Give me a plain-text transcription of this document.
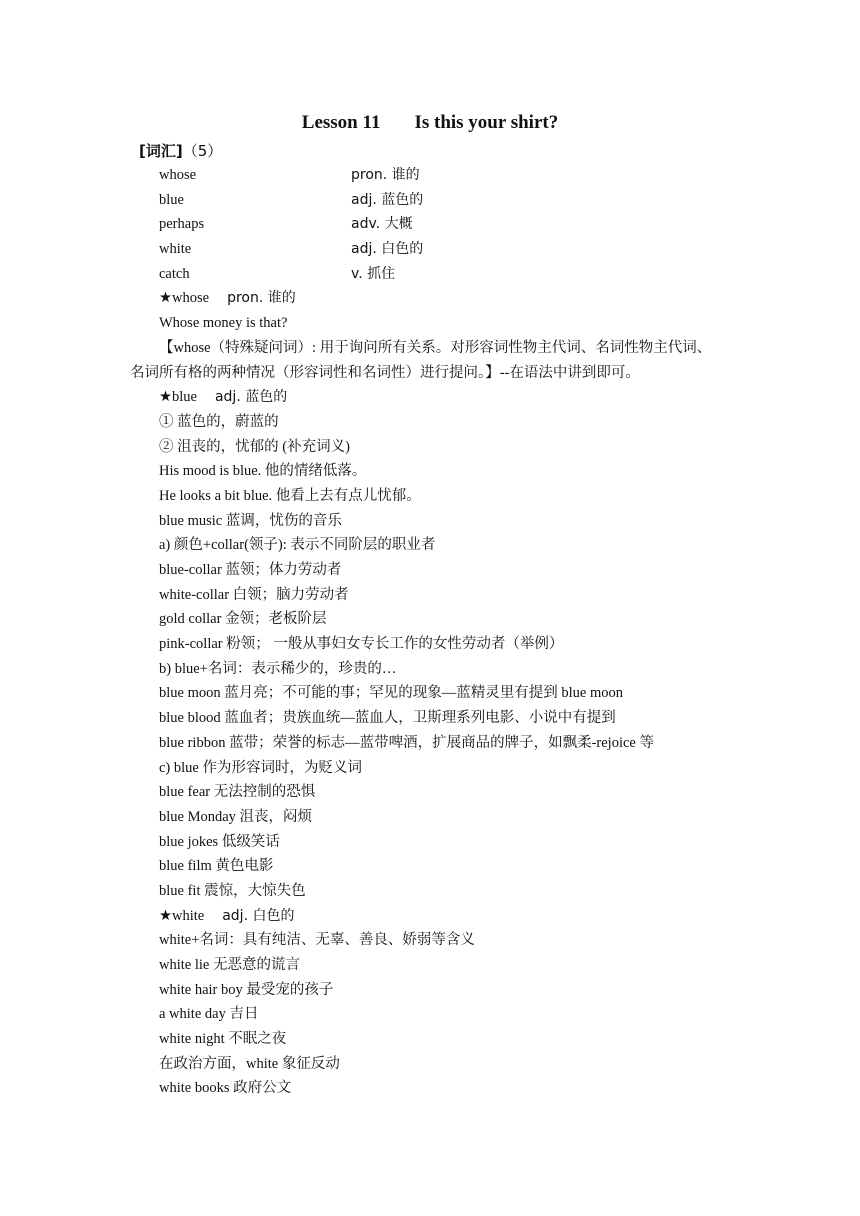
Lesson 11 Is this your shirt?
[词汇]（5）
whose	pron. 谁的
blue	adj. 蓝色的
perhaps	adv. 大概
white	adj. 白色的
catch	v. 抓住
★whose pron. 谁的
Whose money is that?
【whose（特殊疑问词）: 用于询问所有关系。对形容词性物主代词、名词性物主代词、
名词所有格的两种情况（形容词性和名词性）进行提问。】--在语法中讲到即可。
★blue adj. 蓝色的
① 蓝色的，蔚蓝的
② 沮丧的，忧郁的 (补充词义)
His mood is blue. 他的情绪低落。
He looks a bit blue. 他看上去有点儿忧郁。
blue music 蓝调，忧伤的音乐
a) 颜色+collar(领子): 表示不同阶层的职业者
blue-collar 蓝领；体力劳动者
white-collar 白领；脑力劳动者
gold collar 金领；老板阶层
pink-collar 粉领； 一般从事妇女专长工作的女性劳动者（举例）
b) blue+名词：表示稀少的，珍贵的…
blue moon 蓝月亮；不可能的事；罕见的现象—蓝精灵里有提到 blue moon
blue blood 蓝血者；贵族血统—蓝血人，卫斯理系列电影、小说中有提到
blue ribbon 蓝带；荣誉的标志—蓝带啤酒，扩展商品的牌子，如飘柔-rejoice 等
c) blue 作为形容词时，为贬义词
blue fear 无法控制的恐惧
blue Monday 沮丧，闷烦
blue jokes 低级笑话
blue film 黄色电影
blue fit 震惊，大惊失色
★white adj. 白色的
white+名词：具有纯洁、无辜、善良、娇弱等含义
white lie 无恶意的谎言
white hair boy 最受宠的孩子
a white day 吉日
white night 不眠之夜
在政治方面，white 象征反动
white books 政府公文
